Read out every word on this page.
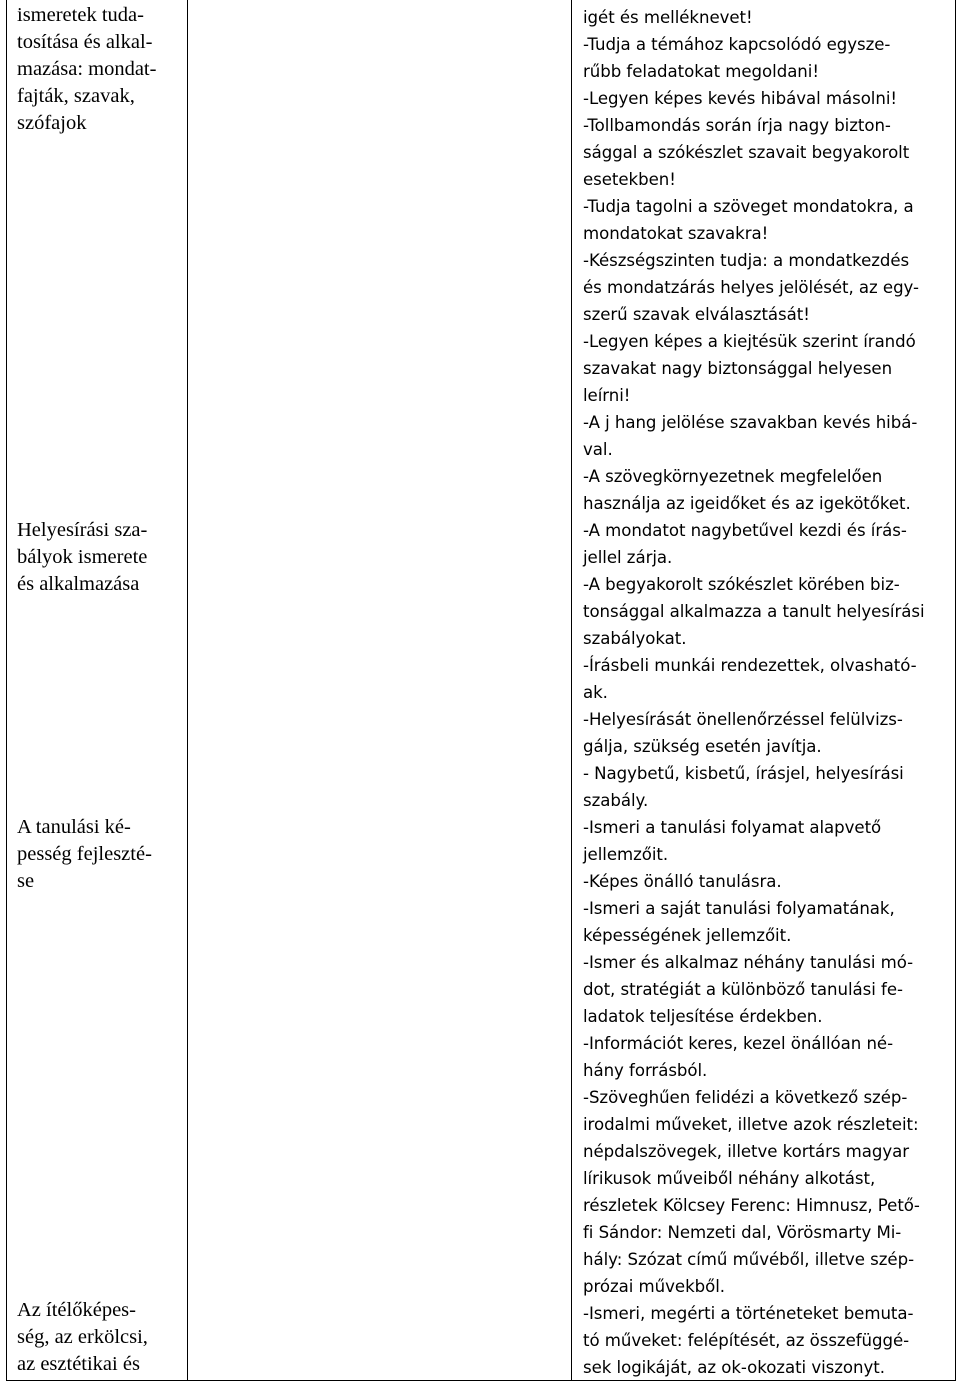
ismeretek tuda-
tosítása és alkal-
mazása: mondat-
fajták, szavak,
szófajok
Helyesírási sza-
bályok ismerete
és alkalmazása
A tanulási ké-
pesség fejleszté-
se
Az ítélőképes-
ség, az erkölcsi,
az esztétikai és
igét és melléknevet!
-Tudja a témához kapcsolódó egysze-
rűbb feladatokat megoldani!
-Legyen képes kevés hibával másolni!
-Tollbamondás során írja nagy bizton-
sággal a szókészlet szavait begyakorolt
esetekben!
-Tudja tagolni a szöveget mondatokra, a
mondatokat szavakra!
-Készségszinten tudja: a mondatkezdés
és mondatzárás helyes jelölését, az egy-
szerű szavak elválasztását!
-Legyen képes a kiejtésük szerint írandó
szavakat nagy biztonsággal helyesen
leírni!
-A j hang jelölése szavakban kevés hibá-
val.
-A szövegkörnyezetnek megfelelően
használja az igeidőket és az igekötőket.
-A mondatot nagybetűvel kezdi és írás-
jellel zárja.
-A begyakorolt szókészlet körében biz-
tonsággal alkalmazza a tanult helyesírási
szabályokat.
-Írásbeli munkái rendezettek, olvasható-
ak.
-Helyesírását önellenőrzéssel felülvizs-
gálja, szükség esetén javítja.
- Nagybetű, kisbetű, írásjel, helyesírási
szabály.
-Ismeri a tanulási folyamat alapvető
jellemzőit.
-Képes önálló tanulásra.
-Ismeri a saját tanulási folyamatának,
képességének jellemzőit.
-Ismer és alkalmaz néhány tanulási mó-
dot, stratégiát a különböző tanulási fe-
ladatok teljesítése érdekben.
-Információt keres, kezel önállóan né-
hány forrásból.
-Szöveghűen felidézi a következő szép-
irodalmi műveket, illetve azok részleteit:
népdalszövegek, illetve kortárs magyar
lírikusok műveiből néhány alkotást,
részletek Kölcsey Ferenc: Himnusz, Pető-
fi Sándor: Nemzeti dal, Vörösmarty Mi-
hály: Szózat című művéből, illetve szép-
prózai művekből.
-Ismeri, megérti a történeteket bemuta-
tó műveket: felépítését, az összefüggé-
sek logikáját, az ok-okozati viszonyt.
